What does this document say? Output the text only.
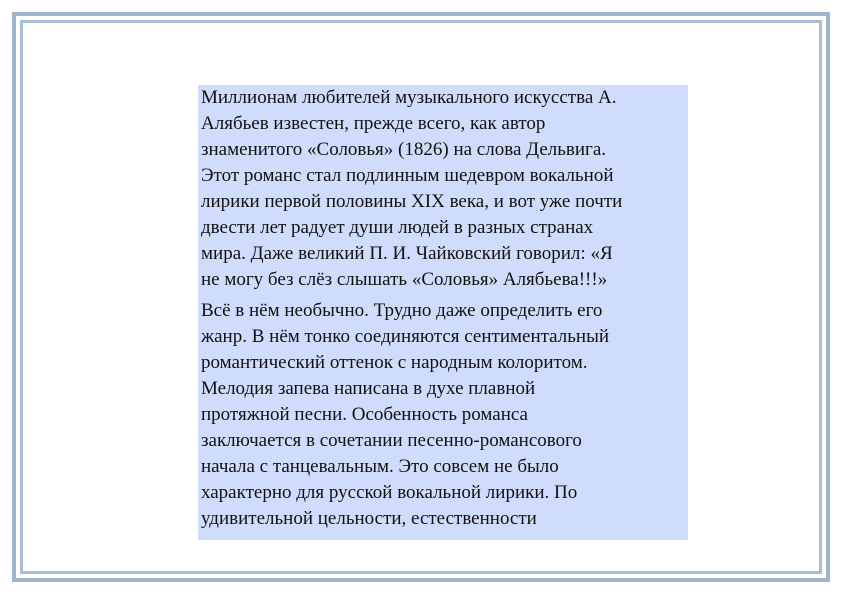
Миллионам любителей музыкального искусства А.
Алябьев известен, прежде всего, как автор
знаменитого «Соловья» (1826) на слова Дельвига.
Этот романс стал подлинным шедевром вокальной
лирики первой половины XIX века, и вот уже почти
двести лет радует души людей в разных странах
мира. Даже великий П. И. Чайковский говорил: «Я
не могу без слёз слышать «Соловья» Алябьева!!!»

Всё в нём необычно. Трудно даже определить его
жанр. В нём тонко соединяются сентиментальный
романтический оттенок с народным колоритом.
Мелодия запева написана в духе плавной
протяжной песни. Особенность романса
заключается в сочетании песенно-романсового
начала с танцевальным. Это совсем не было
характерно для русской вокальной лирики. По
удивительной цельности, естественности
